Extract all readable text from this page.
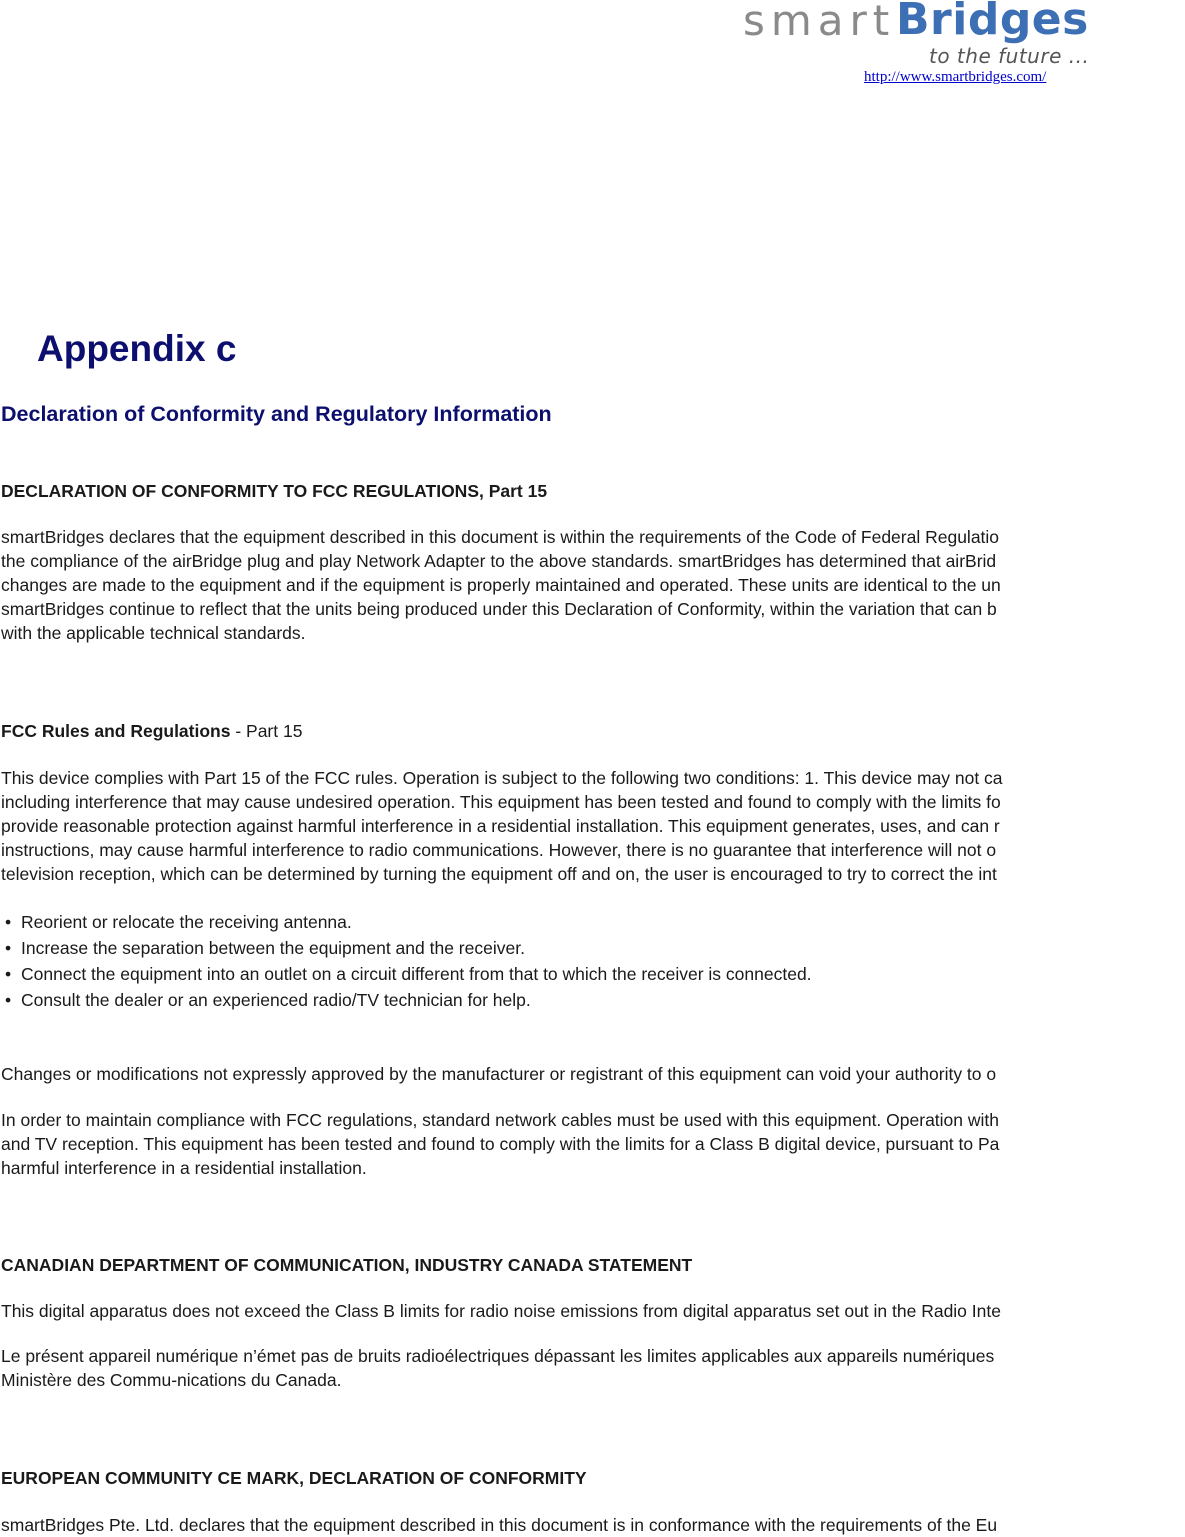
smart Bridges
to the future ...
http://www.smartbridges.com/
Appendix c
Declaration of Conformity and Regulatory Information
DECLARATION OF CONFORMITY TO FCC REGULATIONS, Part 15
smartBridges declares that the equipment described in this document is within the requirements of the Code of Federal Regulatio
the compliance of the airBridge plug and play Network Adapter to the above standards. smartBridges has determined that airBrid
changes are made to the equipment and if the equipment is properly maintained and operated. These units are identical to the un
smartBridges continue to reflect that the units being produced under this Declaration of Conformity, within the variation that can b
with the applicable technical standards.
FCC Rules and Regulations - Part 15
This device complies with Part 15 of the FCC rules. Operation is subject to the following two conditions: 1. This device may not ca
including interference that may cause undesired operation. This equipment has been tested and found to comply with the limits fo
provide reasonable protection against harmful interference in a residential installation. This equipment generates, uses, and can r
instructions, may cause harmful interference to radio communications. However, there is no guarantee that interference will not o
television reception, which can be determined by turning the equipment off and on, the user is encouraged to try to correct the int
• Reorient or relocate the receiving antenna.
• Increase the separation between the equipment and the receiver.
• Connect the equipment into an outlet on a circuit different from that to which the receiver is connected.
• Consult the dealer or an experienced radio/TV technician for help.
Changes or modifications not expressly approved by the manufacturer or registrant of this equipment can void your authority to o
In order to maintain compliance with FCC regulations, standard network cables must be used with this equipment. Operation with
and TV reception. This equipment has been tested and found to comply with the limits for a Class B digital device, pursuant to Pa
harmful interference in a residential installation.
CANADIAN DEPARTMENT OF COMMUNICATION, INDUSTRY CANADA STATEMENT
This digital apparatus does not exceed the Class B limits for radio noise emissions from digital apparatus set out in the Radio Inte
Le présent appareil numérique n’émet pas de bruits radioélectriques dépassant les limites applicables aux appareils numériques
Ministère des Commu-nications du Canada.
EUROPEAN COMMUNITY CE MARK, DECLARATION OF CONFORMITY
smartBridges Pte. Ltd. declares that the equipment described in this document is in conformance with the requirements of the Eu
